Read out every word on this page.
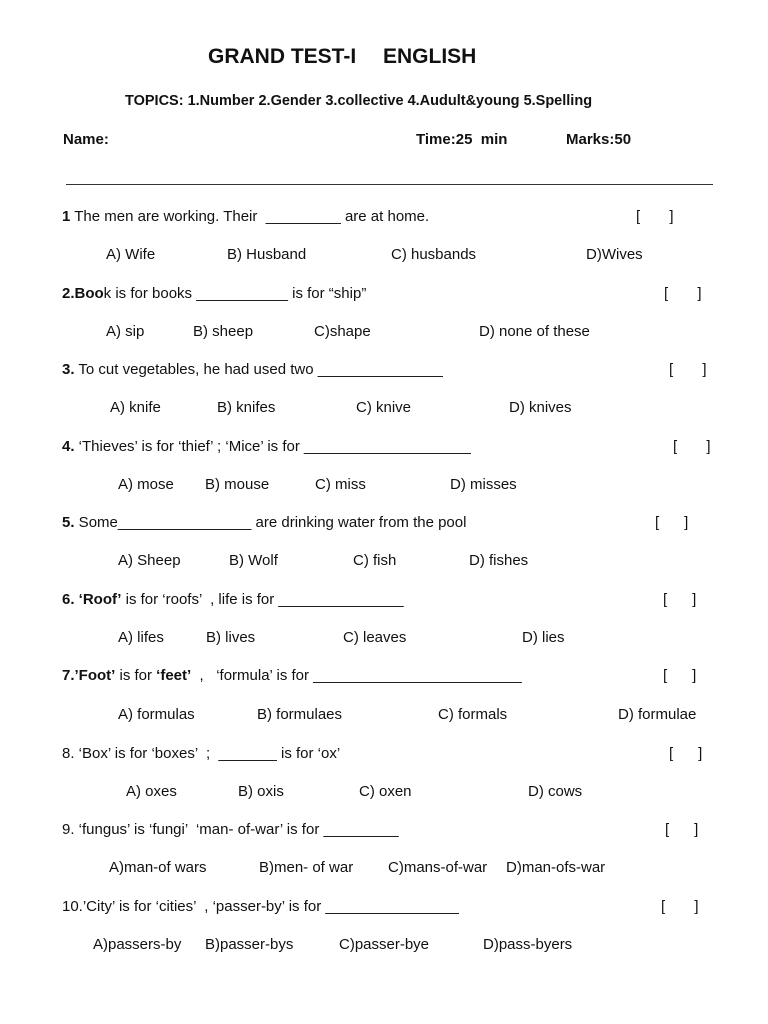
GRAND TEST-I ENGLISH
TOPICS: 1.Number 2.Gender 3.collective 4.Audult&young 5.Spelling
Name:	Time:25  min	Marks:50
1 The men are working. Their  _________ are at home.	[       ]
A) Wife	B) Husband	C) husbands	D)Wives
2.Book is for books ___________ is for “ship”	[       ]
A) sip	B) sheep	C)shape	D) none of these
3. To cut vegetables, he had used two _______________	[       ]
A) knife	B) knifes	C) knive	D) knives
4. ‘Thieves’ is for ‘thief’ ; ‘Mice’ is for ____________________	[       ]
A) mose B) mouse	C) miss	D) misses
5. Some________________ are drinking water from the pool	[      ]
A) Sheep	B) Wolf	C) fish	D) fishes
6. ‘Roof’ is for ‘roofs’  , life is for _______________	[      ]
A) lifes	B) lives	C) leaves	D) lies
7.’Foot’ is for ‘feet’  ,   ‘formula’ is for _________________________	[      ]
A) formulas	B) formulaes	C) formals	D) formulae
8. ‘Box’ is for ‘boxes’  ;  _______ is for ‘ox’	[      ]
A) oxes	B) oxis	C) oxen	D) cows
9. ‘fungus’ is ‘fungi’  ‘man- of-war’ is for _________	[      ]
A)man-of wars	B)men- of war C)mans-of-war D)man-ofs-war
10.’City’ is for ‘cities’  , ‘passer-by’ is for ________________	[       ]
A)passers-by B)passer-bys	C)passer-bye	D)pass-byers
